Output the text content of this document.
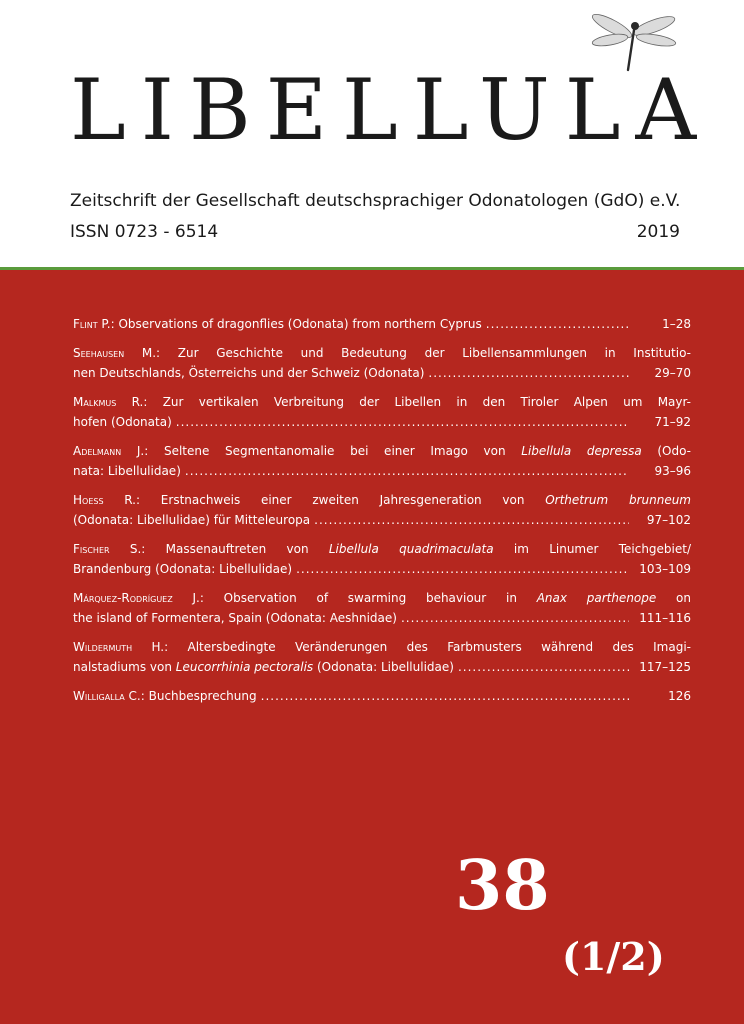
LIBELLULA
Zeitschrift der Gesellschaft deutschsprachiger Odonatologen (GdO) e.V.
ISSN 0723 - 6514	2019
Flint P.: Observations of dragonflies (Odonata) from northern Cyprus .....	1–28
Seehausen M.: Zur Geschichte und Bedeutung der Libellensammlungen in Institutio-
nen Deutschlands, Österreichs und der Schweiz (Odonata) .....	29–70
Malkmus R.: Zur vertikalen Verbreitung der Libellen in den Tiroler Alpen um Mayr-
hofen (Odonata) .....	71–92
Adelmann J.: Seltene Segmentanomalie bei einer Imago von Libellula depressa (Odo-
nata: Libellulidae) .....	93–96
Hoess R.: Erstnachweis einer zweiten Jahresgeneration von Orthetrum brunneum
(Odonata: Libellulidae) für Mitteleuropa .....	97–102
Fischer S.: Massenauftreten von Libellula quadrimaculata im Linumer Teichgebiet/
Brandenburg (Odonata: Libellulidae) .....	103–109
Márquez-Rodríguez J.: Observation of swarming behaviour in Anax parthenope on
the island of Formentera, Spain (Odonata: Aeshnidae) .....	111–116
Wildermuth H.: Altersbedingte Veränderungen des Farbmusters während des Imagi-
nalstadiums von Leucorrhinia pectoralis (Odonata: Libellulidae) .....	117–125
Willigalla C.: Buchbesprechung .....	126
38
(1/2)
